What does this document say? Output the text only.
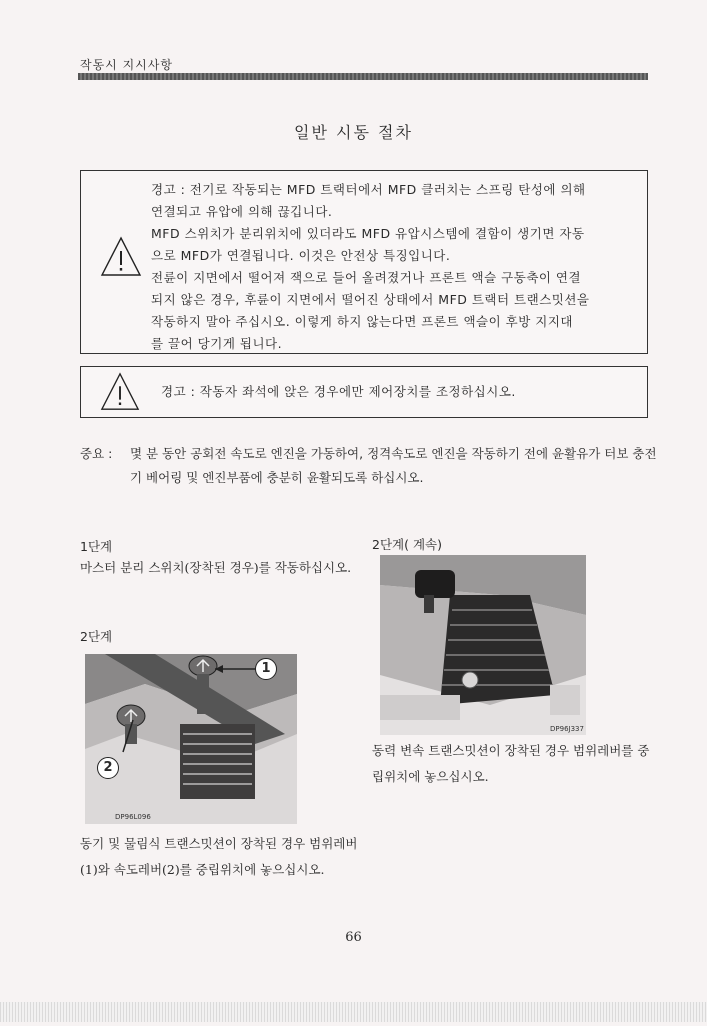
작동시 지시사항
일반 시동 절차
경고 : 전기로 작동되는 MFD 트랙터에서 MFD 클러치는 스프링 탄성에 의해
연결되고 유압에 의해 끊깁니다.
MFD 스위치가 분리위치에 있더라도 MFD 유압시스템에 결함이 생기면 자동
으로 MFD가 연결됩니다. 이것은 안전상 특징입니다.
전륜이 지면에서 떨어져 잭으로 들어 올려졌거나 프론트 액슬 구동축이 연결
되지 않은 경우, 후륜이 지면에서 떨어진 상태에서 MFD 트랙터 트랜스밋션을
작동하지 말아 주십시오. 이렇게 하지 않는다면 프론트 액슬이 후방 지지대
를 끌어 당기게 됩니다.
경고 : 작동자 좌석에 앉은 경우에만 제어장치를 조정하십시오.
중요 : 몇 분 동안 공회전 속도로 엔진을 가동하여, 정격속도로 엔진을 작동하기 전에 윤활유가 터보 충전기 베어링 및 엔진부품에 충분히 윤활되도록 하십시오.
1단계
마스터 분리 스위치(장착된 경우)를 작동하십시오.
2단계
1
2
DP96L096
동기 및 물림식 트랜스밋션이 장착된 경우 범위레버(1)와 속도레버(2)를 중립위치에 놓으십시오.
2단계( 계속)
DP96J337
동력 변속 트랜스밋션이 장착된 경우 범위레버를 중립위치에 놓으십시오.
66
